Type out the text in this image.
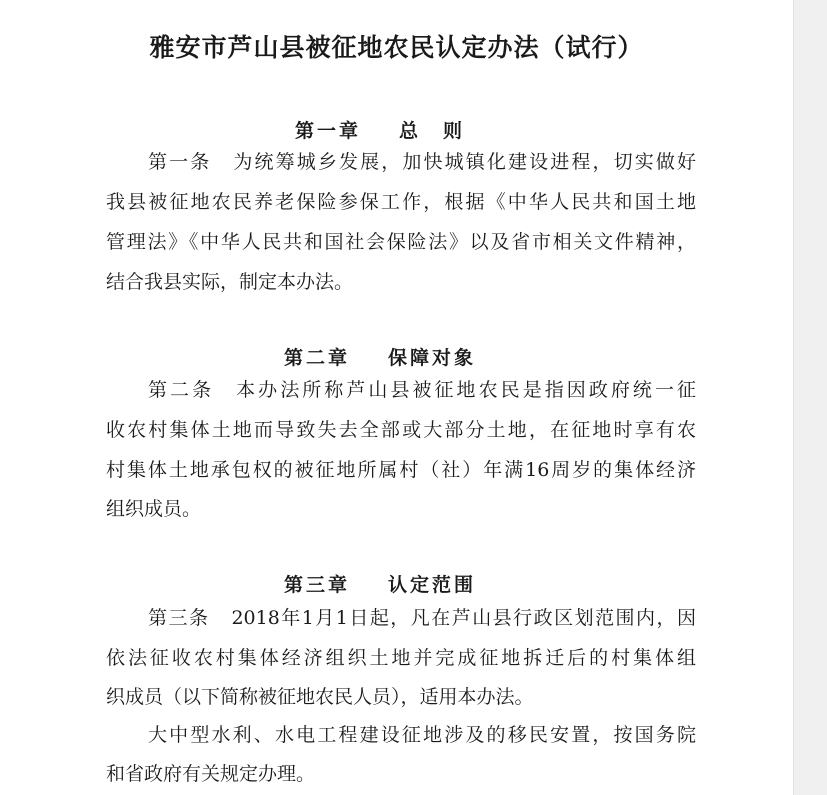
雅安市芦山县被征地农民认定办法（试行）
第一章 总　则
第一条 为统筹城乡发展，加快城镇化建设进程，切实做好
我县被征地农民养老保险参保工作，根据《中华人民共和国土地
管理法》《中华人民共和国社会保险法》以及省市相关文件精神，
结合我县实际，制定本办法。
第二章 保障对象
第二条 本办法所称芦山县被征地农民是指因政府统一征
收农村集体土地而导致失去全部或大部分土地，在征地时享有农
村集体土地承包权的被征地所属村（社）年满16周岁的集体经济
组织成员。
第三章 认定范围
第三条 2018年1月1日起，凡在芦山县行政区划范围内，因
依法征收农村集体经济组织土地并完成征地拆迁后的村集体组
织成员（以下简称被征地农民人员），适用本办法。
大中型水利、水电工程建设征地涉及的移民安置，按国务院
和省政府有关规定办理。
